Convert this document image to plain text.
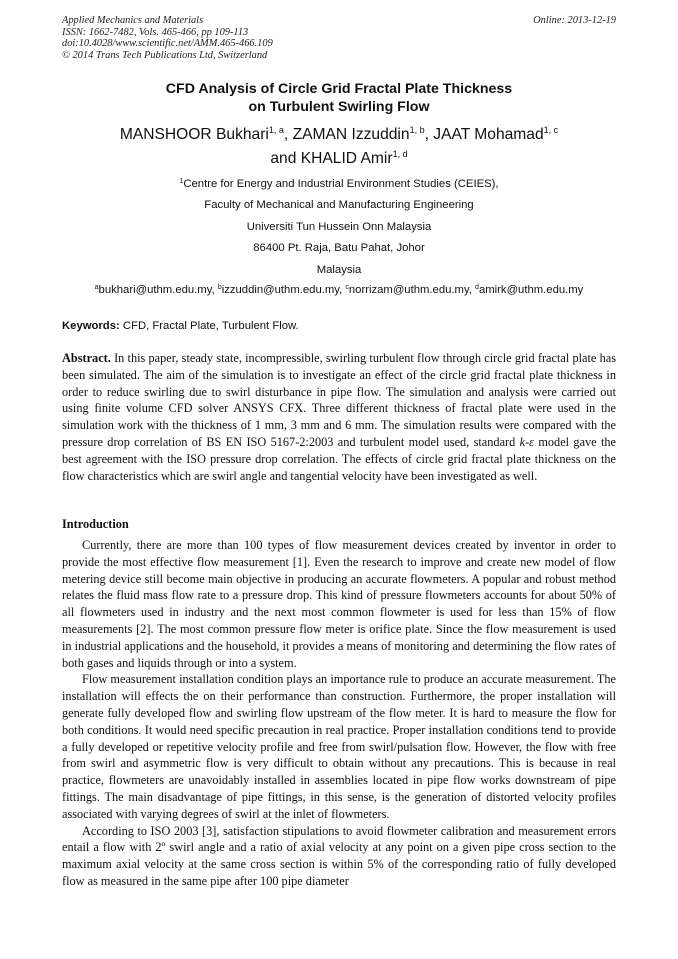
Applied Mechanics and Materials
ISSN: 1662-7482, Vols. 465-466, pp 109-113
doi:10.4028/www.scientific.net/AMM.465-466.109
© 2014 Trans Tech Publications Ltd, Switzerland
Online: 2013-12-19
CFD Analysis of Circle Grid Fractal Plate Thickness
on Turbulent Swirling Flow
MANSHOOR Bukhari$^{1, a}$, ZAMAN Izzuddin$^{1, b}$, JAAT Mohamad$^{1, c}$
and KHALID Amir$^{1, d}$
$^1$Centre for Energy and Industrial Environment Studies (CEIES),
Faculty of Mechanical and Manufacturing Engineering
Universiti Tun Hussein Onn Malaysia
86400 Pt. Raja, Batu Pahat, Johor
Malaysia
$^a$bukhari@uthm.edu.my, $^b$izzuddin@uthm.edu.my, $^c$norrizam@uthm.edu.my, $^d$amirk@uthm.edu.my
Keywords: CFD, Fractal Plate, Turbulent Flow.
Abstract. In this paper, steady state, incompressible, swirling turbulent flow through circle grid fractal plate has been simulated. The aim of the simulation is to investigate an effect of the circle grid fractal plate thickness in order to reduce swirling due to swirl disturbance in pipe flow. The simulation and analysis were carried out using finite volume CFD solver ANSYS CFX. Three different thickness of fractal plate were used in the simulation work with the thickness of 1 mm, 3 mm and 6 mm. The simulation results were compared with the pressure drop correlation of BS EN ISO 5167-2:2003 and turbulent model used, standard k-ε model gave the best agreement with the ISO pressure drop correlation. The effects of circle grid fractal plate thickness on the flow characteristics which are swirl angle and tangential velocity have been investigated as well.
Introduction

Currently, there are more than 100 types of flow measurement devices created by inventor in order to provide the most effective flow measurement [1]. Even the research to improve and create new model of flow metering device still become main objective in producing an accurate flowmeters. A popular and robust method relates the fluid mass flow rate to a pressure drop. This kind of pressure flowmeters accounts for about 50% of all flowmeters used in industry and the next most common flowmeter is used for less than 15% of flow measurements [2]. The most common pressure flow meter is orifice plate. Since the flow measurement is used in industrial applications and the household, it provides a means of monitoring and determining the flow rates of both gases and liquids through or into a system.

Flow measurement installation condition plays an importance rule to produce an accurate measurement. The installation will effects the on their performance than construction. Furthermore, the proper installation will generate fully developed flow and swirling flow upstream of the flow meter. It is hard to measure the flow for both conditions. It would need specific precaution in real practice. Proper installation conditions tend to provide a fully developed or repetitive velocity profile and free from swirl/pulsation flow. However, the flow with free from swirl and asymmetric flow is very difficult to obtain without any precautions. This is because in real practice, flowmeters are unavoidably installed in assemblies located in pipe flow works downstream of pipe fittings. The main disadvantage of pipe fittings, in this sense, is the generation of distorted velocity profiles associated with varying degrees of swirl at the inlet of flowmeters.

According to ISO 2003 [3], satisfaction stipulations to avoid flowmeter calibration and measurement errors entail a flow with 2º swirl angle and a ratio of axial velocity at any point on a given pipe cross section to the maximum axial velocity at the same cross section is within 5% of the corresponding ratio of fully developed flow as measured in the same pipe after 100 pipe diameter
